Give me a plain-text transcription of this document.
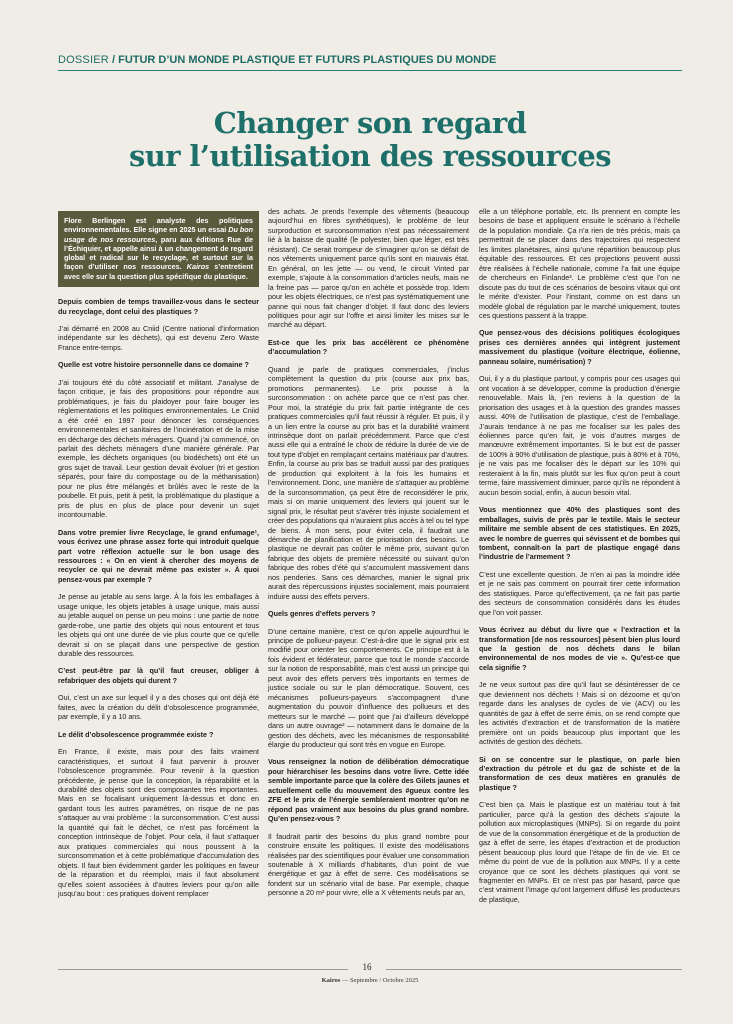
DOSSIER / FUTUR D’UN MONDE PLASTIQUE ET FUTURS PLASTIQUES DU MONDE
Changer son regard
sur l’utilisation des ressources
Flore Berlingen est analyste des politiques environnementales. Elle signe en 2025 un essai Du bon usage de nos ressources, paru aux éditions Rue de l’Échiquier, et appelle ainsi à un changement de regard global et radical sur le recyclage, et surtout sur la façon d’utiliser nos ressources. Kairos s’entretient avec elle sur la question plus spécifique du plastique.

Depuis combien de temps travaillez-vous dans le secteur du recyclage, dont celui des plastiques ?

J’ai démarré en 2008 au Cniid (Centre national d’information indépendante sur les déchets), qui est devenu Zero Waste France entre-temps.

Quelle est votre histoire personnelle dans ce domaine ?

J’ai toujours été du côté associatif et militant. J’analyse de façon critique, je fais des propositions pour répondre aux problématiques, je fais du plaidoyer pour faire bouger les réglementations et les politiques environnementales. Le Cniid a été créé en 1997 pour dénoncer les conséquences environnementales et sanitaires de l’incinération et de la mise en décharge des déchets ménagers. Quand j’ai commencé, on parlait des déchets ménagers d’une manière générale. Par exemple, les déchets organiques (ou biodéchets) ont été un gros sujet de travail. Leur gestion devait évoluer (tri et gestion séparés, pour faire du compostage ou de la méthanisation) pour ne plus être mélangés et brûlés avec le reste de la poubelle. Et puis, petit à petit, la problématique du plastique a pris de plus en plus de place pour devenir un sujet incontournable.

Dans votre premier livre Recyclage, le grand enfumage¹, vous écrivez une phrase assez forte qui introduit quelque part votre réflexion actuelle sur le bon usage des ressources : « On en vient à chercher des moyens de recycler ce qui ne devrait même pas exister ». À quoi pensez-vous par exemple ?

Je pense au jetable au sens large. À la fois les emballages à usage unique, les objets jetables à usage unique, mais aussi au jetable auquel on pense un peu moins : une partie de notre garde-robe, une partie des objets qui nous entourent et tous les objets qui ont une durée de vie plus courte que ce qu’elle devrait si on se plaçait dans une perspective de gestion durable des ressources.

C’est peut-être par là qu’il faut creuser, obliger à refabriquer des objets qui durent ?

Oui, c’est un axe sur lequel il y a des choses qui ont déjà été faites, avec la création du délit d’obsolescence programmée, par exemple, il y a 10 ans.

Le délit d’obsolescence programmée existe ?

En France, il existe, mais pour des faits vraiment caractéristiques, et surtout il faut parvenir à prouver l’obsolescence programmée. Pour revenir à la question précédente, je pense que la conception, la réparabilité et la durabilité des objets sont des composantes très importantes. Mais en se focalisant uniquement là-dessus et donc en gardant tous les autres paramètres, on risque de ne pas s’attaquer au vrai problème : la surconsommation. C’est aussi la quantité qui fait le déchet, ce n’est pas forcément la conception intrinsèque de l’objet. Pour cela, il faut s’attaquer aux pratiques commerciales qui nous poussent à la surconsommation et à cette problématique d’accumulation des objets. Il faut bien évidemment garder les politiques en faveur de la réparation et du réemploi, mais il faut absolument qu’elles soient associées à d’autres leviers pour qu’on aille jusqu’au bout : ces pratiques doivent remplacer

des achats. Je prends l’exemple des vêtements (beaucoup aujourd’hui en fibres synthétiques), le problème de leur surproduction et surconsommation n’est pas nécessairement lié à la baisse de qualité (le polyester, bien que léger, est très résistant). Ce serait trompeur de s’imaginer qu’on se défait de nos vêtements uniquement parce qu’ils sont en mauvais état. En général, on les jette — ou vend, le circuit Vinted par exemple, s’ajoute à la consommation d’articles neufs, mais ne la freine pas — parce qu’on en achète et possède trop. Idem pour les objets électriques, ce n’est pas systématiquement une panne qui nous fait changer d’objet. Il faut donc des leviers politiques pour agir sur l’offre et ainsi limiter les mises sur le marché au départ.

Est-ce que les prix bas accélèrent ce phénomène d’accumulation ?

Quand je parle de pratiques commerciales, j’inclus complètement la question du prix (course aux prix bas, promotions permanentes). Le prix pousse à la surconsommation : on achète parce que ce n’est pas cher. Pour moi, la stratégie du prix fait partie intégrante de ces pratiques commerciales qu’il faut réussir à réguler. Et puis, il y a un lien entre la course au prix bas et la durabilité vraiment intrinsèque dont on parlait précédemment. Parce que c’est aussi elle qui a entraîné le choix de réduire la durée de vie de tout type d’objet en remplaçant certains matériaux par d’autres. Enfin, la course au prix bas se traduit aussi par des pratiques de production qui exploitent à la fois les humains et l’environnement. Donc, une manière de s’attaquer au problème de la surconsommation, ça peut être de reconsidérer le prix, mais si on manie uniquement des leviers qui jouent sur le signal prix, le résultat peut s’avérer très injuste socialement et créer des populations qui n’auraient plus accès à tel ou tel type de biens. À mon sens, pour éviter cela, il faudrait une démarche de planification et de priorisation des besoins. Le plastique ne devrait pas coûter le même prix, suivant qu’on fabrique des objets de première nécessité ou suivant qu’on fabrique des robes d’été qui s’accumulent massivement dans nos penderies. Sans ces démarches, manier le signal prix aurait des répercussions injustes socialement, mais pourraient induire aussi des effets pervers.

Quels genres d’effets pervers ?

D’une certaine manière, c’est ce qu’on appelle aujourd’hui le principe de pollueur-payeur. C’est-à-dire que le signal prix est modifié pour orienter les comportements. Ce principe est à la fois évident et fédérateur, parce que tout le monde s’accorde sur la notion de responsabilité, mais c’est aussi un principe qui peut avoir des effets pervers très importants en termes de justice sociale ou sur le plan démocratique. Souvent, ces mécanismes pollueurs-payeurs s’accompagnent d’une augmentation du pouvoir d’influence des pollueurs et des metteurs sur le marché — point que j’ai d’ailleurs développé dans un autre ouvrage² — notamment dans le domaine de la gestion des déchets, avec les mécanismes de responsabilité élargie du producteur qui sont très en vogue en Europe.

Vous renseignez la notion de délibération démocratique pour hiérarchiser les besoins dans votre livre. Cette idée semble importante parce que la colère des Gilets jaunes et actuellement celle du mouvement des #gueux contre les ZFE et le prix de l’énergie sembleraient montrer qu’on ne répond pas vraiment aux besoins du plus grand nombre. Qu’en pensez-vous ?

Il faudrait partir des besoins du plus grand nombre pour construire ensuite les politiques. Il existe des modélisations réalisées par des scientifiques pour évaluer une consommation soutenable à X milliards d’habitants, d’un point de vue énergétique et gaz à effet de serre. Ces modélisations se fondent sur un scénario vital de base. Par exemple, chaque personne a 20 m² pour vivre, elle a X vêtements neufs par an,

elle a un téléphone portable, etc. Ils prennent en compte les besoins de base et appliquent ensuite le scénario à l’échelle de la population mondiale. Ça n’a rien de très précis, mais ça permettrait de se placer dans des trajectoires qui respectent les limites planétaires, ainsi qu’une répartition beaucoup plus équitable des ressources. Et ces projections peuvent aussi être réalisées à l’échelle nationale, comme l’a fait une équipe de chercheurs en Finlande³. Le problème c’est que l’on ne discute pas du tout de ces scénarios de besoins vitaux qui ont le mérite d’exister. Pour l’instant, comme on est dans un modèle global de régulation par le marché uniquement, toutes ces questions passent à la trappe.

Que pensez-vous des décisions politiques écologiques prises ces dernières années qui intègrent justement massivement du plastique (voiture électrique, éolienne, panneau solaire, numérisation) ?

Oui, il y a du plastique partout, y compris pour ces usages qui ont vocation à se développer, comme la production d’énergie renouvelable. Mais là, j’en reviens à la question de la priorisation des usages et à la question des grandes masses aussi. 40% de l’utilisation de plastique, c’est de l’emballage. J’aurais tendance à ne pas me focaliser sur les pales des éoliennes parce qu’en fait, je vois d’autres marges de manœuvre extrêmement importantes. Si le but est de passer de 100% à 90% d’utilisation de plastique, puis à 80% et à 70%, je ne vais pas me focaliser dès le départ sur les 10% qui resteraient à la fin, mais plutôt sur les flux qu’on peut à court terme, faire massivement diminuer, parce qu’ils ne répondent à aucun besoin social, enfin, à aucun besoin vital.

Vous mentionnez que 40% des plastiques sont des emballages, suivis de près par le textile. Mais le secteur militaire me semble absent de ces statistiques. En 2025, avec le nombre de guerres qui sévissent et de bombes qui tombent, connaît-on la part de plastique engagé dans l’industrie de l’armement ?

C’est une excellente question. Je n’en ai pas la moindre idée et je ne sais pas comment on pourrait tirer cette information des statistiques. Parce qu’effectivement, ça ne fait pas partie des secteurs de consommation considérés dans les études que l’on voit passer.

Vous écrivez au début du livre que « l’extraction et la transformation [de nos ressources] pèsent bien plus lourd que la gestion de nos déchets dans le bilan environnemental de nos modes de vie ». Qu’est-ce que cela signifie ?

Je ne veux surtout pas dire qu’il faut se désintéresser de ce que deviennent nos déchets ! Mais si on dézoome et qu’on regarde dans les analyses de cycles de vie (ACV) ou les quantités de gaz à effet de serre émis, on se rend compte que les activités d’extraction et de transformation de la matière première ont un poids beaucoup plus important que les activités de gestion des déchets.

Si on se concentre sur le plastique, on parle bien d’extraction du pétrole et du gaz de schiste et de la transformation de ces deux matières en granulés de plastique ?

C’est bien ça. Mais le plastique est un matériau tout à fait particulier, parce qu’à la gestion des déchets s’ajoute la pollution aux microplastiques (MNPs). Si on regarde du point de vue de la consommation énergétique et de la production de gaz à effet de serre, les étapes d’extraction et de production pèsent beaucoup plus lourd que l’étape de fin de vie. Et ce même du point de vue de la pollution aux MNPs. Il y a cette croyance que ce sont les déchets plastiques qui vont se fragmenter en MNPs. Et ce n’est pas par hasard, parce que c’est vraiment l’image qu’ont largement diffusé les producteurs de plastique,

16
Kairos — Septembre / Octobre 2025
